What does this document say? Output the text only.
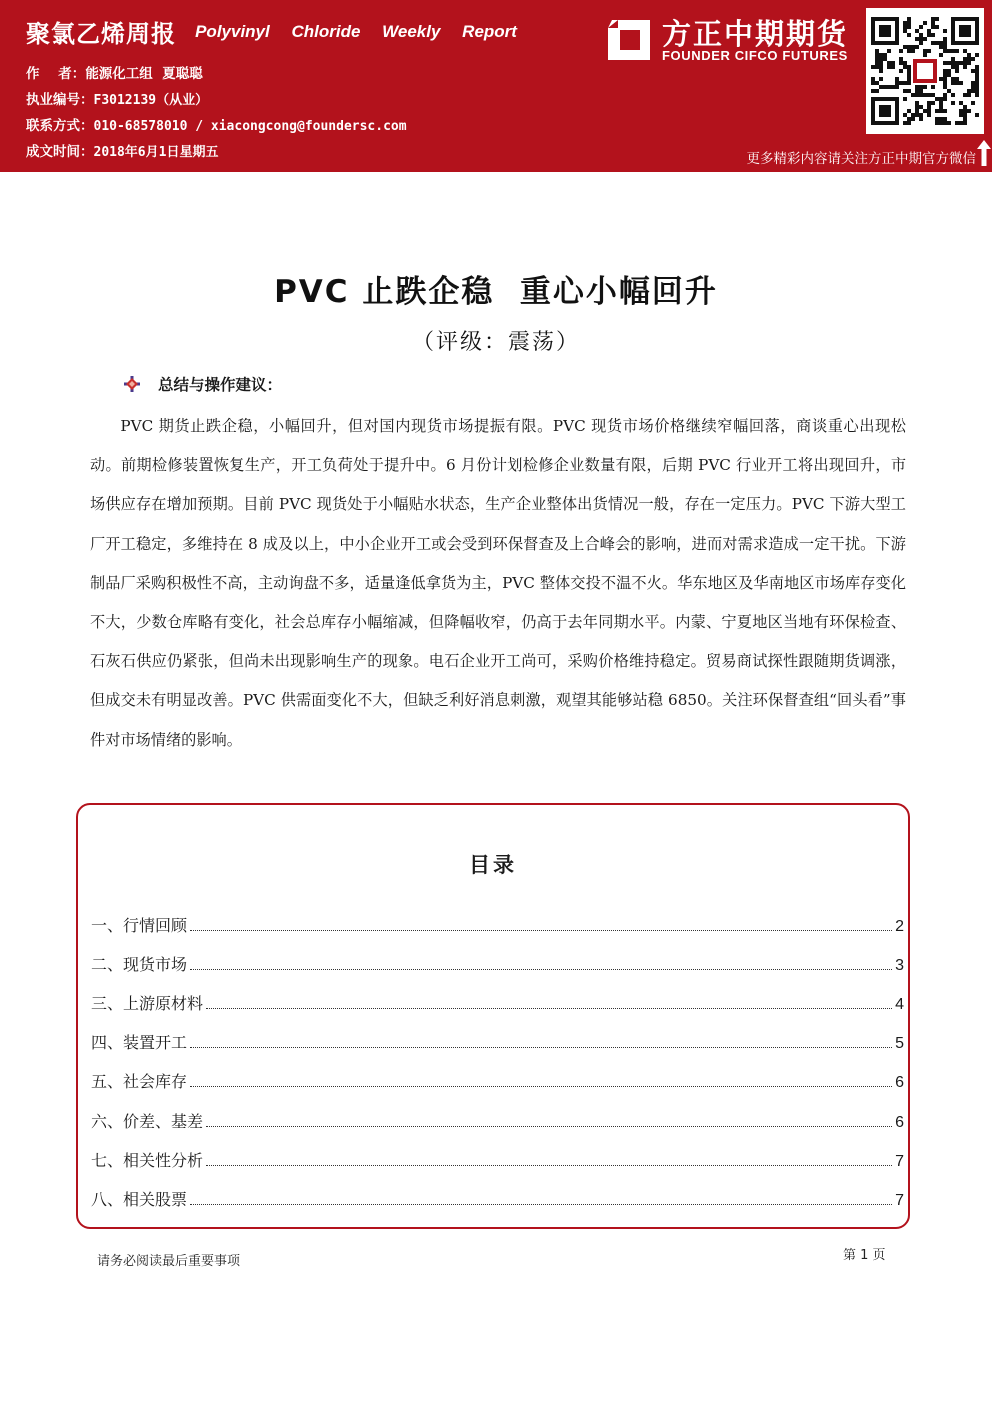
聚氯乙烯周报 Polyvinyl Chloride Weekly Report
作    者：能源化工组  夏聪聪
执业编号：F3012139（从业）
联系方式：010-68578010 / xiacongcong@foundersc.com
成文时间：2018年6月1日星期五
方正中期期货
FOUNDER CIFCO FUTURES
更多精彩内容请关注方正中期官方微信
PVC 止跌企稳  重心小幅回升
（评级：震荡）
总结与操作建议：
PVC 期货止跌企稳，小幅回升，但对国内现货市场提振有限。PVC 现货市场价格继续窄幅回落，商谈重心出现松动。前期检修装置恢复生产，开工负荷处于提升中。6 月份计划检修企业数量有限，后期 PVC 行业开工将出现回升，市场供应存在增加预期。目前 PVC 现货处于小幅贴水状态，生产企业整体出货情况一般，存在一定压力。PVC 下游大型工厂开工稳定，多维持在 8 成及以上，中小企业开工或会受到环保督查及上合峰会的影响，进而对需求造成一定干扰。下游制品厂采购积极性不高，主动询盘不多，适量逢低拿货为主，PVC 整体交投不温不火。华东地区及华南地区市场库存变化不大，少数仓库略有变化，社会总库存小幅缩减，但降幅收窄，仍高于去年同期水平。内蒙、宁夏地区当地有环保检查、石灰石供应仍紧张，但尚未出现影响生产的现象。电石企业开工尚可，采购价格维持稳定。贸易商试探性跟随期货调涨，但成交未有明显改善。PVC 供需面变化不大，但缺乏利好消息刺激，观望其能够站稳 6850。关注环保督查组“回头看”事件对市场情绪的影响。
目录
一、行情回顾	2
二、现货市场	3
三、上游原材料	4
四、装置开工	5
五、社会库存	6
六、价差、基差	6
七、相关性分析	7
八、相关股票	7
请务必阅读最后重要事项	第 1 页
